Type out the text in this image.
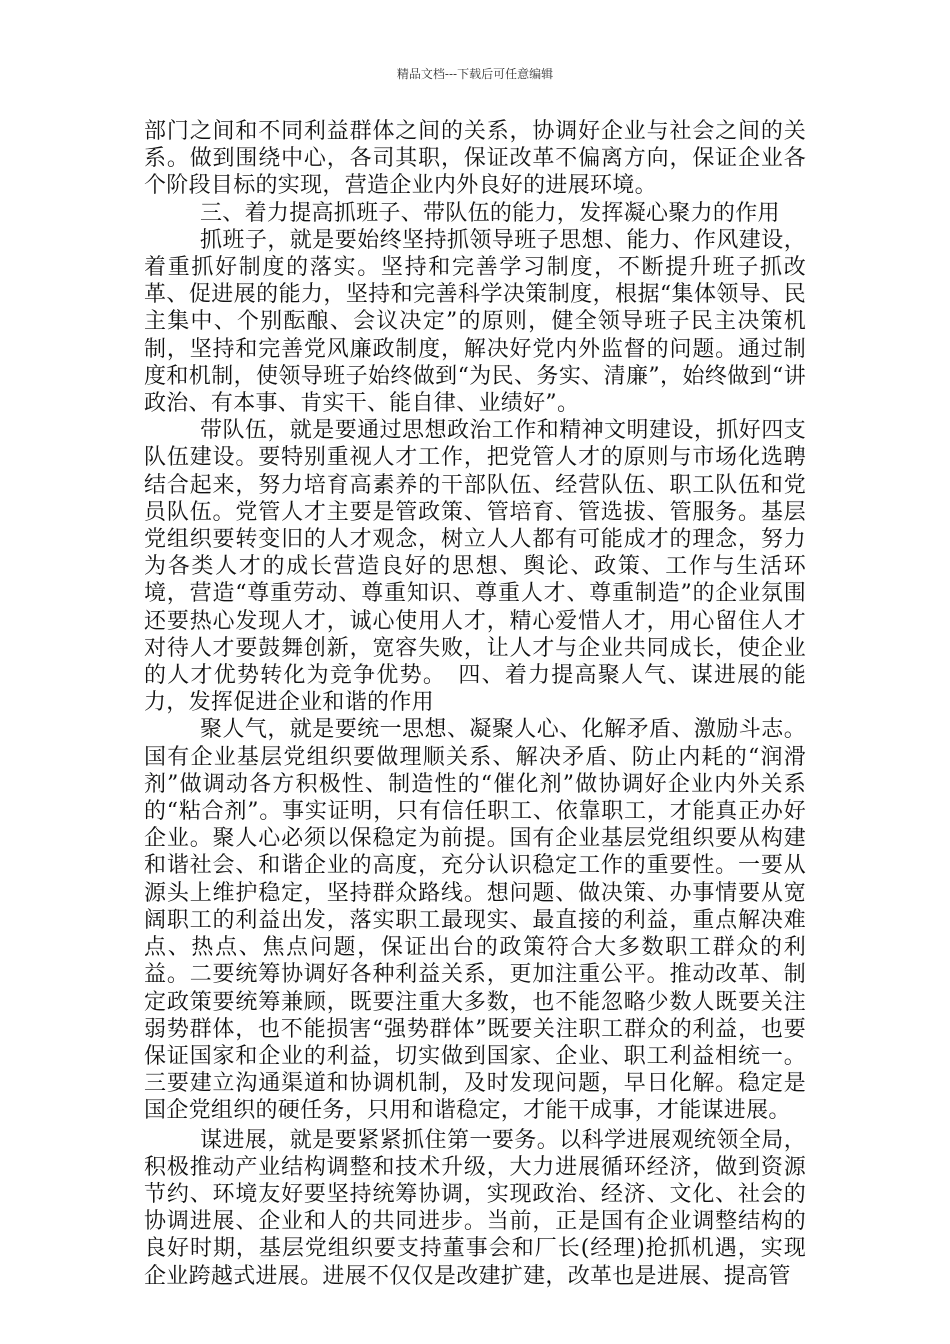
精品文档---下载后可任意编辑

部门之间和不同利益群体之间的关系，协调好企业与社会之间的关系。做到围绕中心，各司其职，保证改革不偏离方向，保证企业各个阶段目标的实现，营造企业内外良好的进展环境。

三、着力提高抓班子、带队伍的能力，发挥凝心聚力的作用

抓班子，就是要始终坚持抓领导班子思想、能力、作风建设，着重抓好制度的落实。坚持和完善学习制度，不断提升班子抓改革、促进展的能力，坚持和完善科学决策制度，根据“集体领导、民主集中、个别酝酿、会议决定”的原则，健全领导班子民主决策机制，坚持和完善党风廉政制度，解决好党内外监督的问题。通过制度和机制，使领导班子始终做到“为民、务实、清廉”，始终做到“讲政治、有本事、肯实干、能自律、业绩好”。

带队伍，就是要通过思想政治工作和精神文明建设，抓好四支队伍建设。要特别重视人才工作，把党管人才的原则与市场化选聘结合起来，努力培育高素养的干部队伍、经营队伍、职工队伍和党员队伍。党管人才主要是管政策、管培育、管选拔、管服务。基层党组织要转变旧的人才观念，树立人人都有可能成才的理念，努力为各类人才的成长营造良好的思想、舆论、政策、工作与生活环境，营造“尊重劳动、尊重知识、尊重人才、尊重制造”的企业氛围还要热心发现人才，诚心使用人才，精心爱惜人才，用心留住人才对待人才要鼓舞创新，宽容失败，让人才与企业共同成长，使企业的人才优势转化为竞争优势。　四、着力提高聚人气、谋进展的能力，发挥促进企业和谐的作用

聚人气，就是要统一思想、凝聚人心、化解矛盾、激励斗志。国有企业基层党组织要做理顺关系、解决矛盾、防止内耗的“润滑剂”做调动各方积极性、制造性的“催化剂”做协调好企业内外关系的“粘合剂”。事实证明，只有信任职工、依靠职工，才能真正办好企业。聚人心必须以保稳定为前提。国有企业基层党组织要从构建和谐社会、和谐企业的高度，充分认识稳定工作的重要性。一要从源头上维护稳定，坚持群众路线。想问题、做决策、办事情要从宽阔职工的利益出发，落实职工最现实、最直接的利益，重点解决难点、热点、焦点问题，保证出台的政策符合大多数职工群众的利益。二要统筹协调好各种利益关系，更加注重公平。推动改革、制定政策要统筹兼顾，既要注重大多数，也不能忽略少数人既要关注弱势群体，也不能损害“强势群体”既要关注职工群众的利益，也要保证国家和企业的利益，切实做到国家、企业、职工利益相统一。三要建立沟通渠道和协调机制，及时发现问题，早日化解。稳定是国企党组织的硬任务，只用和谐稳定，才能干成事，才能谋进展。

谋进展，就是要紧紧抓住第一要务。以科学进展观统领全局，积极推动产业结构调整和技术升级，大力进展循环经济，做到资源节约、环境友好要坚持统筹协调，实现政治、经济、文化、社会的协调进展、企业和人的共同进步。当前，正是国有企业调整结构的良好时期，基层党组织要支持董事会和厂长(经理)抢抓机遇，实现企业跨越式进展。进展不仅仅是改建扩建，改革也是进展、提高管
